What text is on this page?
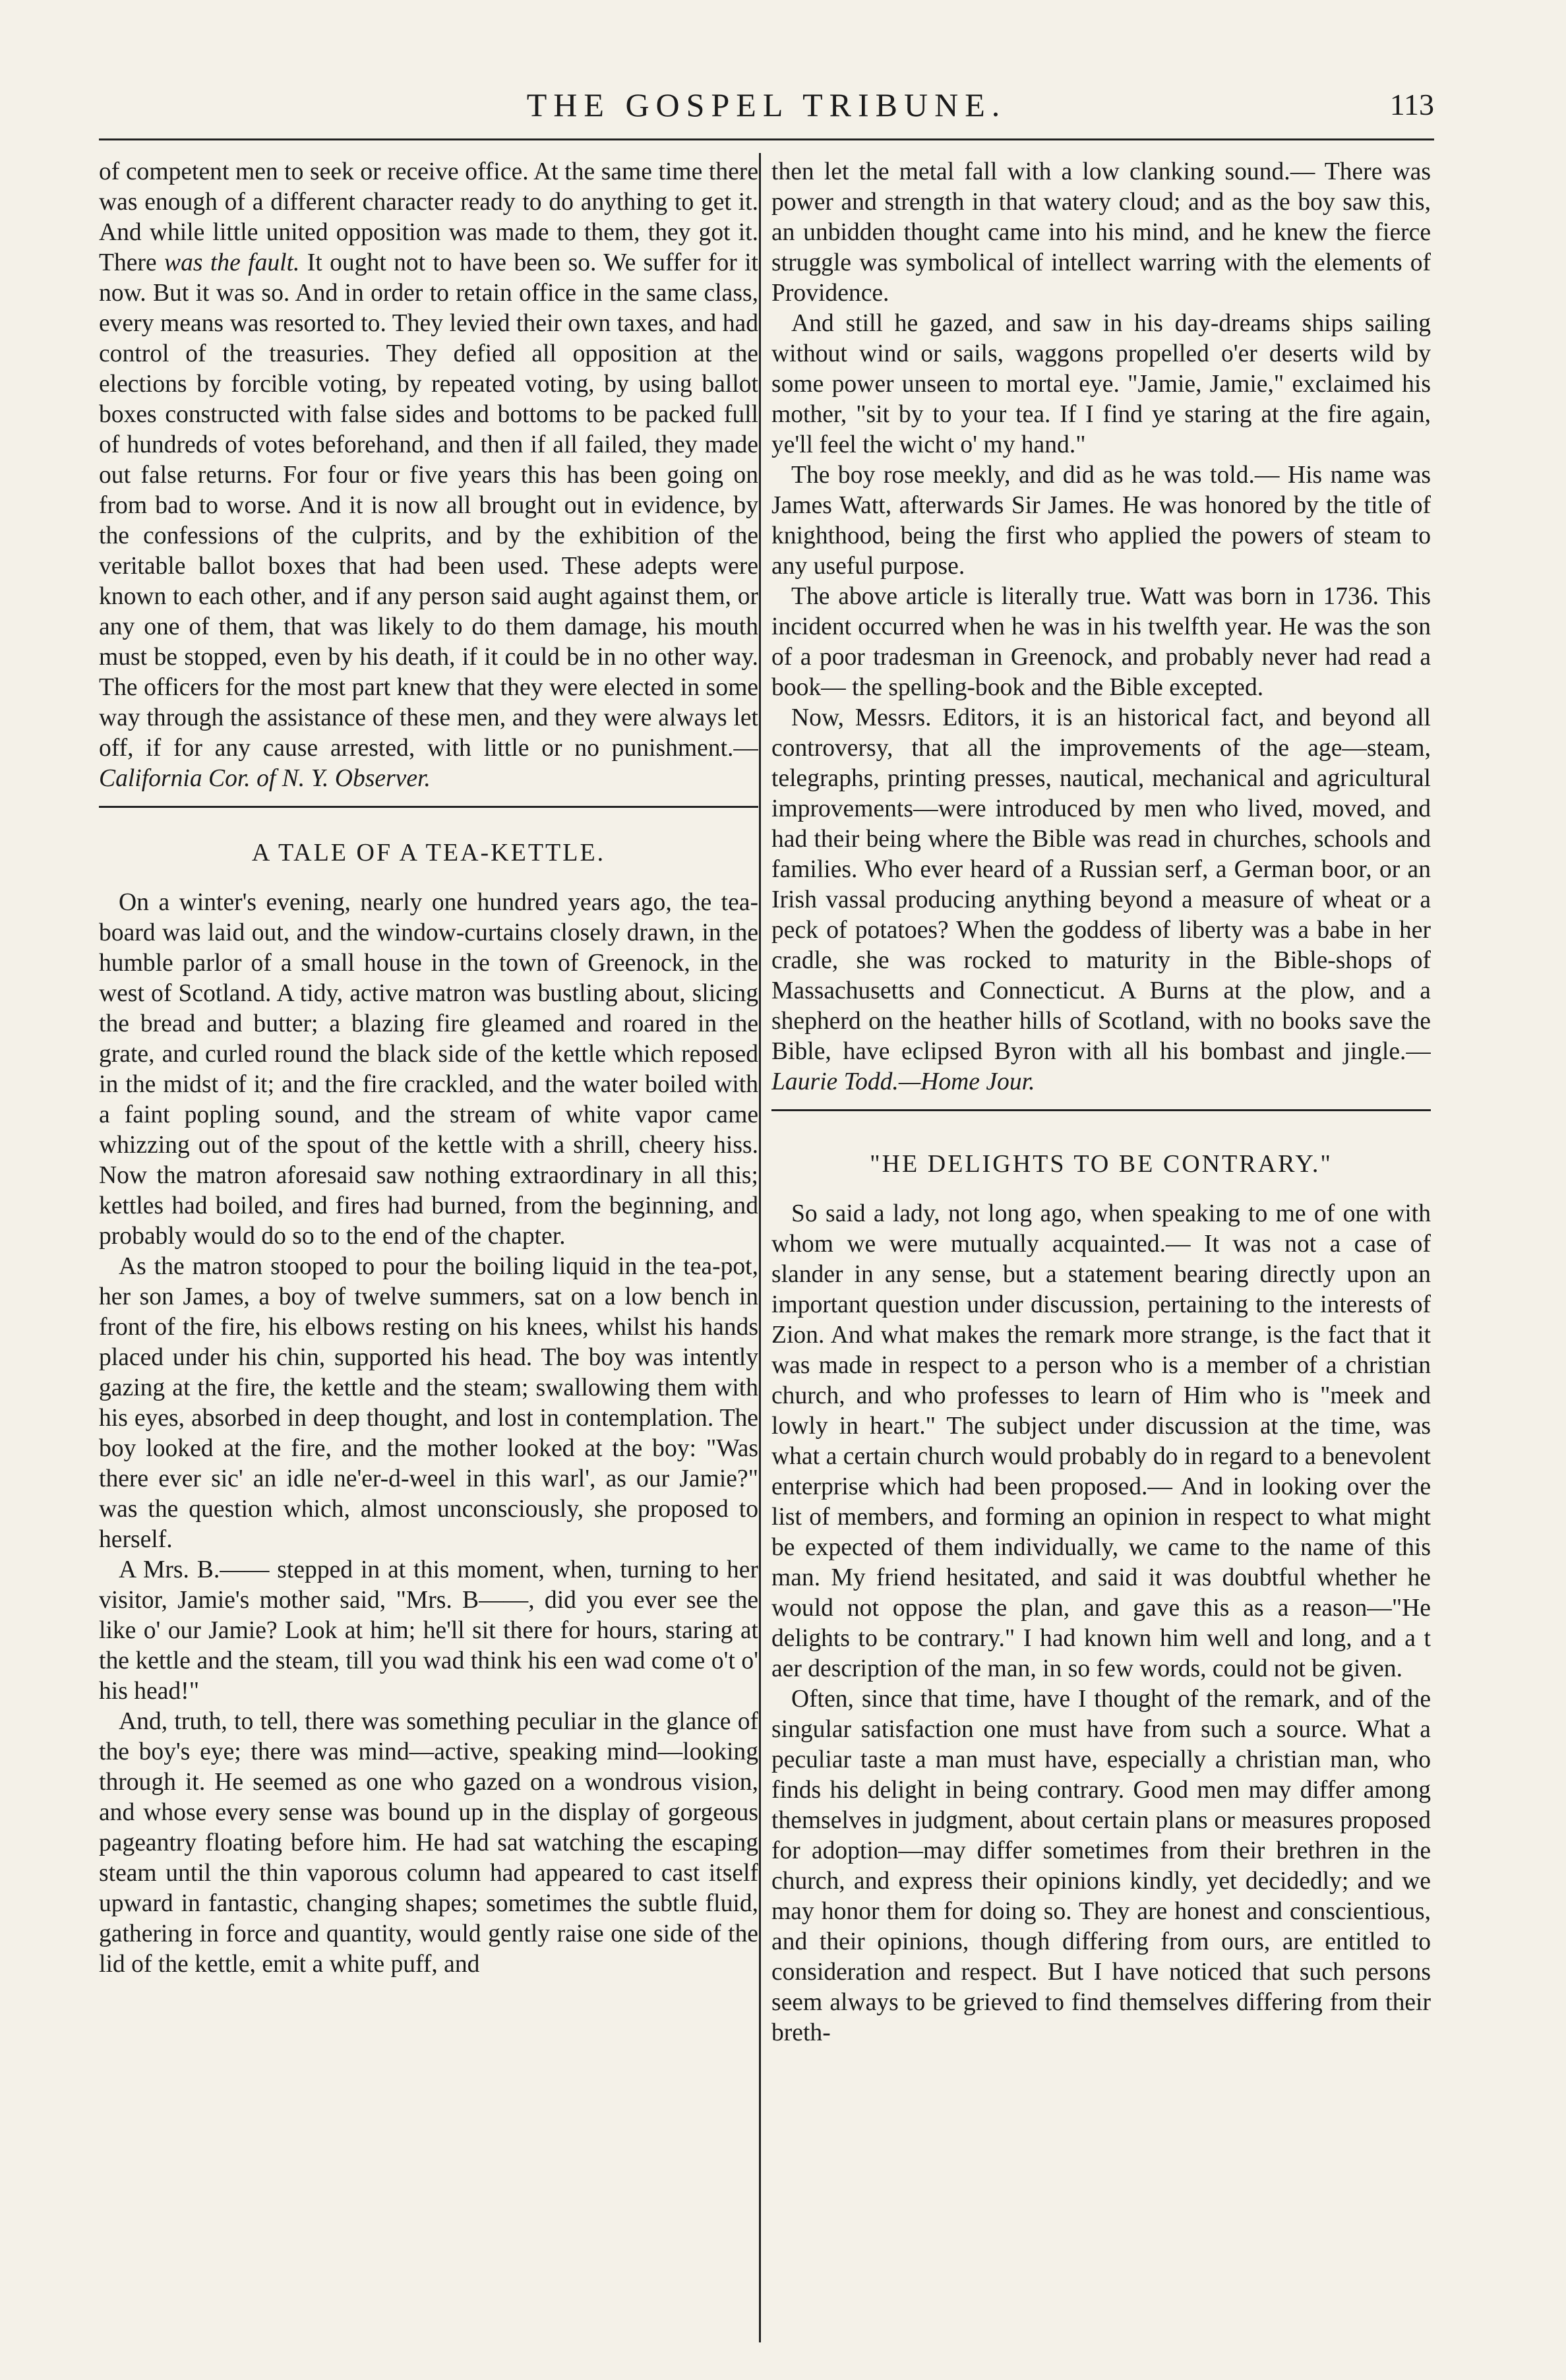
THE GOSPEL TRIBUNE.	113

of competent men to seek or receive office. At the same time there was enough of a different character ready to do anything to get it. And while little united opposition was made to them, they got it. There was the fault. It ought not to have been so. We suffer for it now. But it was so. And in order to retain office in the same class, every means was resorted to. They levied their own taxes, and had control of the treasuries. They defied all opposition at the elections by forcible voting, by repeated voting, by using ballot boxes constructed with false sides and bottoms to be packed full of hundreds of votes beforehand, and then if all failed, they made out false returns. For four or five years this has been going on from bad to worse. And it is now all brought out in evidence, by the confessions of the culprits, and by the exhibition of the veritable ballot boxes that had been used. These adepts were known to each other, and if any person said aught against them, or any one of them, that was likely to do them damage, his mouth must be stopped, even by his death, if it could be in no other way. The officers for the most part knew that they were elected in some way through the assistance of these men, and they were always let off, if for any cause arrested, with little or no punishment.—California Cor. of N. Y. Observer.

A TALE OF A TEA-KETTLE.

On a winter's evening, nearly one hundred years ago, the tea-board was laid out, and the window-curtains closely drawn, in the humble parlor of a small house in the town of Greenock, in the west of Scotland. A tidy, active matron was bustling about, slicing the bread and butter; a blazing fire gleamed and roared in the grate, and curled round the black side of the kettle which reposed in the midst of it; and the fire crackled, and the water boiled with a faint popling sound, and the stream of white vapor came whizzing out of the spout of the kettle with a shrill, cheery hiss. Now the matron aforesaid saw nothing extraordinary in all this; kettles had boiled, and fires had burned, from the beginning, and probably would do so to the end of the chapter.

As the matron stooped to pour the boiling liquid in the tea-pot, her son James, a boy of twelve summers, sat on a low bench in front of the fire, his elbows resting on his knees, whilst his hands placed under his chin, supported his head. The boy was intently gazing at the fire, the kettle and the steam; swallowing them with his eyes, absorbed in deep thought, and lost in contemplation. The boy looked at the fire, and the mother looked at the boy: "Was there ever sic' an idle ne'er-d-weel in this warl', as our Jamie?" was the question which, almost unconsciously, she proposed to herself.

A Mrs. B.—— stepped in at this moment, when, turning to her visitor, Jamie's mother said, "Mrs. B——, did you ever see the like o' our Jamie? Look at him; he'll sit there for hours, staring at the kettle and the steam, till you wad think his een wad come o't o' his head!"

And, truth, to tell, there was something peculiar in the glance of the boy's eye; there was mind—active, speaking mind—looking through it. He seemed as one who gazed on a wondrous vision, and whose every sense was bound up in the display of gorgeous pageantry floating before him. He had sat watching the escaping steam until the thin vaporous column had appeared to cast itself upward in fantastic, changing shapes; sometimes the subtle fluid, gathering in force and quantity, would gently raise one side of the lid of the kettle, emit a white puff, and

then let the metal fall with a low clanking sound.— There was power and strength in that watery cloud; and as the boy saw this, an unbidden thought came into his mind, and he knew the fierce struggle was symbolical of intellect warring with the elements of Providence.

And still he gazed, and saw in his day-dreams ships sailing without wind or sails, waggons propelled o'er deserts wild by some power unseen to mortal eye. "Jamie, Jamie," exclaimed his mother, "sit by to your tea. If I find ye staring at the fire again, ye'll feel the wicht o' my hand."

The boy rose meekly, and did as he was told.— His name was James Watt, afterwards Sir James. He was honored by the title of knighthood, being the first who applied the powers of steam to any useful purpose.

The above article is literally true. Watt was born in 1736. This incident occurred when he was in his twelfth year. He was the son of a poor tradesman in Greenock, and probably never had read a book— the spelling-book and the Bible excepted.

Now, Messrs. Editors, it is an historical fact, and beyond all controversy, that all the improvements of the age—steam, telegraphs, printing presses, nautical, mechanical and agricultural improvements—were introduced by men who lived, moved, and had their being where the Bible was read in churches, schools and families. Who ever heard of a Russian serf, a German boor, or an Irish vassal producing anything beyond a measure of wheat or a peck of potatoes? When the goddess of liberty was a babe in her cradle, she was rocked to maturity in the Bible-shops of Massachusetts and Connecticut. A Burns at the plow, and a shepherd on the heather hills of Scotland, with no books save the Bible, have eclipsed Byron with all his bombast and jingle.—Laurie Todd.—Home Jour.

"HE DELIGHTS TO BE CONTRARY."

So said a lady, not long ago, when speaking to me of one with whom we were mutually acquainted.— It was not a case of slander in any sense, but a statement bearing directly upon an important question under discussion, pertaining to the interests of Zion. And what makes the remark more strange, is the fact that it was made in respect to a person who is a member of a christian church, and who professes to learn of Him who is "meek and lowly in heart." The subject under discussion at the time, was what a certain church would probably do in regard to a benevolent enterprise which had been proposed.— And in looking over the list of members, and forming an opinion in respect to what might be expected of them individually, we came to the name of this man. My friend hesitated, and said it was doubtful whether he would not oppose the plan, and gave this as a reason—"He delights to be contrary." I had known him well and long, and a t aer description of the man, in so few words, could not be given.

Often, since that time, have I thought of the remark, and of the singular satisfaction one must have from such a source. What a peculiar taste a man must have, especially a christian man, who finds his delight in being contrary. Good men may differ among themselves in judgment, about certain plans or measures proposed for adoption—may differ sometimes from their brethren in the church, and express their opinions kindly, yet decidedly; and we may honor them for doing so. They are honest and conscientious, and their opinions, though differing from ours, are entitled to consideration and respect. But I have noticed that such persons seem always to be grieved to find themselves differing from their breth-
